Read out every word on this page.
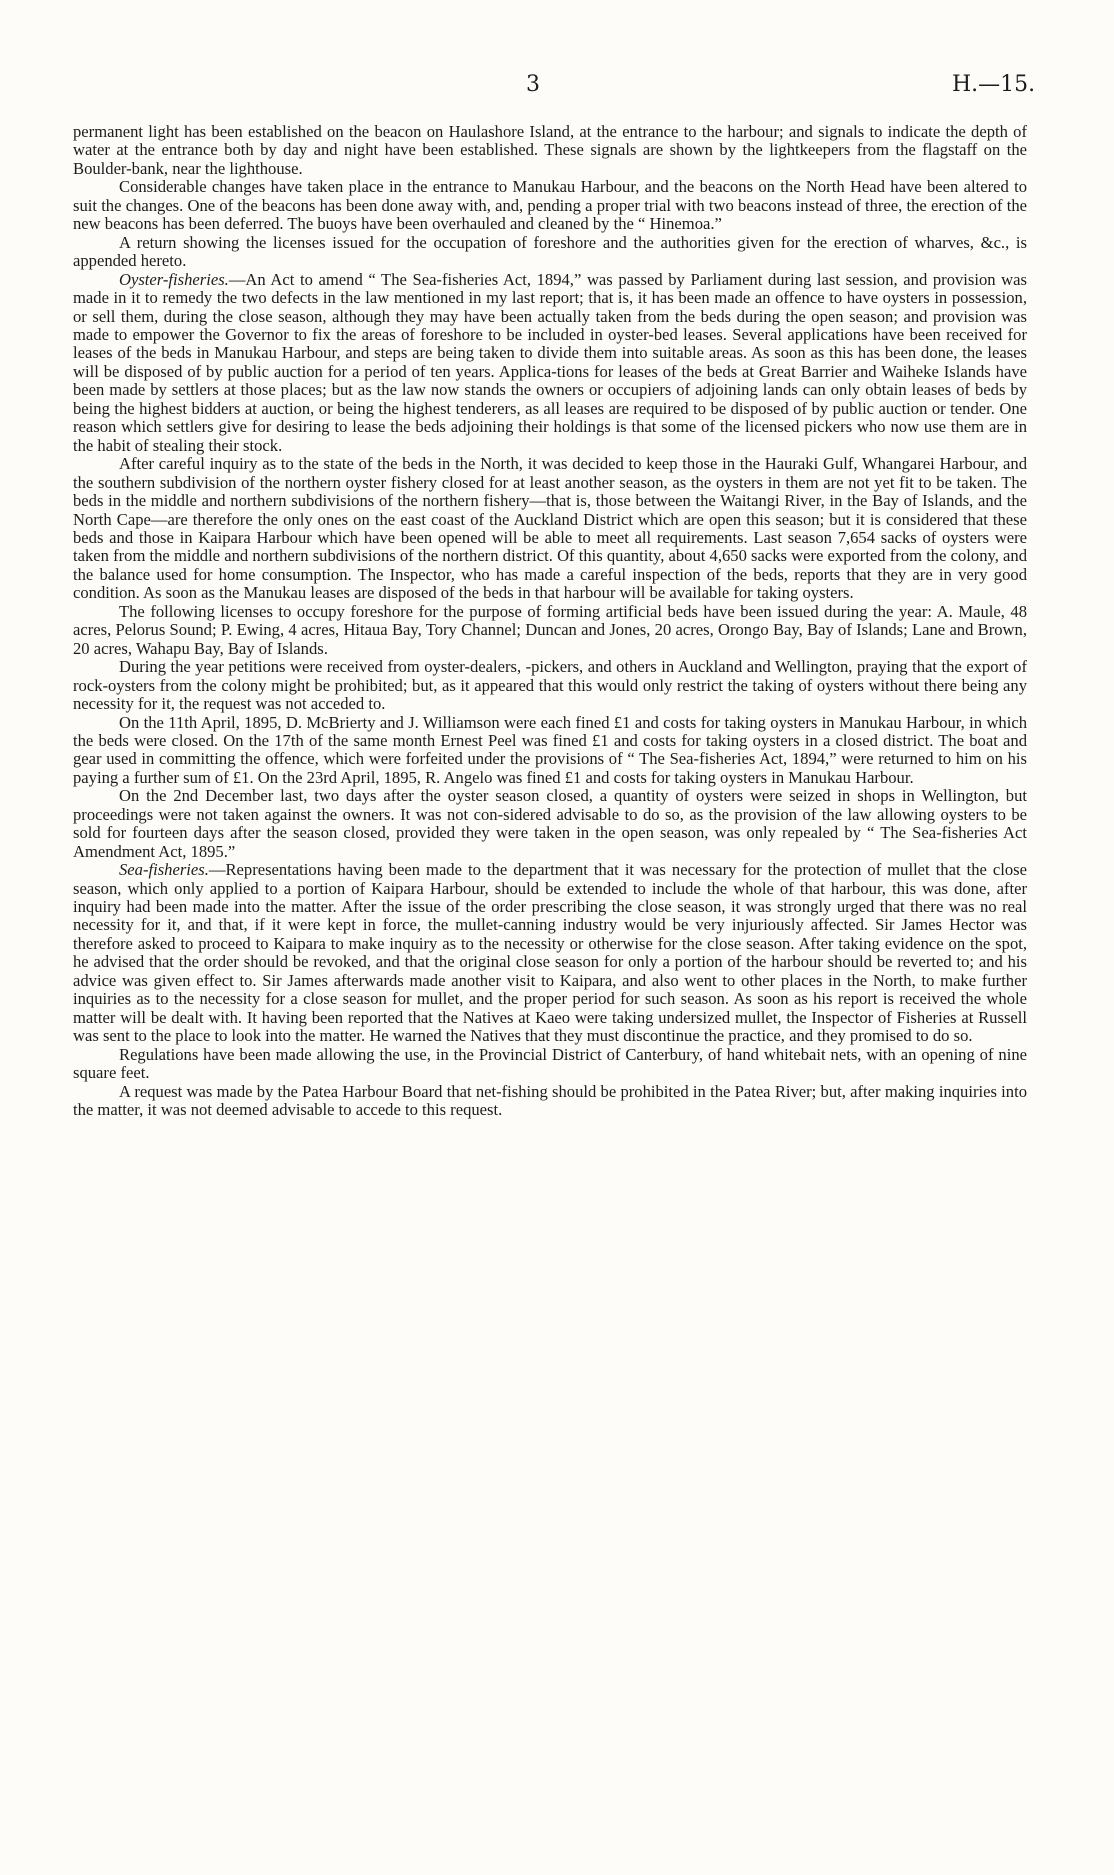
3	H.—15.

permanent light has been established on the beacon on Haulashore Island, at the entrance to the harbour; and signals to indicate the depth of water at the entrance both by day and night have been established. These signals are shown by the lightkeepers from the flagstaff on the Boulder-bank, near the lighthouse.

Considerable changes have taken place in the entrance to Manukau Harbour, and the beacons on the North Head have been altered to suit the changes. One of the beacons has been done away with, and, pending a proper trial with two beacons instead of three, the erection of the new beacons has been deferred. The buoys have been overhauled and cleaned by the “ Hinemoa.”

A return showing the licenses issued for the occupation of foreshore and the authorities given for the erection of wharves, &c., is appended hereto.

Oyster-fisheries.—An Act to amend “ The Sea-fisheries Act, 1894,” was passed by Parliament during last session, and provision was made in it to remedy the two defects in the law mentioned in my last report; that is, it has been made an offence to have oysters in possession, or sell them, during the close season, although they may have been actually taken from the beds during the open season; and provision was made to empower the Governor to fix the areas of foreshore to be included in oyster-bed leases. Several applications have been received for leases of the beds in Manukau Harbour, and steps are being taken to divide them into suitable areas. As soon as this has been done, the leases will be disposed of by public auction for a period of ten years. Applica-tions for leases of the beds at Great Barrier and Waiheke Islands have been made by settlers at those places; but as the law now stands the owners or occupiers of adjoining lands can only obtain leases of beds by being the highest bidders at auction, or being the highest tenderers, as all leases are required to be disposed of by public auction or tender. One reason which settlers give for desiring to lease the beds adjoining their holdings is that some of the licensed pickers who now use them are in the habit of stealing their stock.

After careful inquiry as to the state of the beds in the North, it was decided to keep those in the Hauraki Gulf, Whangarei Harbour, and the southern subdivision of the northern oyster fishery closed for at least another season, as the oysters in them are not yet fit to be taken. The beds in the middle and northern subdivisions of the northern fishery—that is, those between the Waitangi River, in the Bay of Islands, and the North Cape—are therefore the only ones on the east coast of the Auckland District which are open this season; but it is considered that these beds and those in Kaipara Harbour which have been opened will be able to meet all requirements. Last season 7,654 sacks of oysters were taken from the middle and northern subdivisions of the northern district. Of this quantity, about 4,650 sacks were exported from the colony, and the balance used for home consumption. The Inspector, who has made a careful inspection of the beds, reports that they are in very good condition. As soon as the Manukau leases are disposed of the beds in that harbour will be available for taking oysters.

The following licenses to occupy foreshore for the purpose of forming artificial beds have been issued during the year: A. Maule, 48 acres, Pelorus Sound; P. Ewing, 4 acres, Hitaua Bay, Tory Channel; Duncan and Jones, 20 acres, Orongo Bay, Bay of Islands; Lane and Brown, 20 acres, Wahapu Bay, Bay of Islands.

During the year petitions were received from oyster-dealers, -pickers, and others in Auckland and Wellington, praying that the export of rock-oysters from the colony might be prohibited; but, as it appeared that this would only restrict the taking of oysters without there being any necessity for it, the request was not acceded to.

On the 11th April, 1895, D. McBrierty and J. Williamson were each fined £1 and costs for taking oysters in Manukau Harbour, in which the beds were closed. On the 17th of the same month Ernest Peel was fined £1 and costs for taking oysters in a closed district. The boat and gear used in committing the offence, which were forfeited under the provisions of “ The Sea-fisheries Act, 1894,” were returned to him on his paying a further sum of £1. On the 23rd April, 1895, R. Angelo was fined £1 and costs for taking oysters in Manukau Harbour.

On the 2nd December last, two days after the oyster season closed, a quantity of oysters were seized in shops in Wellington, but proceedings were not taken against the owners. It was not con-sidered advisable to do so, as the provision of the law allowing oysters to be sold for fourteen days after the season closed, provided they were taken in the open season, was only repealed by “ The Sea-fisheries Act Amendment Act, 1895.”

Sea-fisheries.—Representations having been made to the department that it was necessary for the protection of mullet that the close season, which only applied to a portion of Kaipara Harbour, should be extended to include the whole of that harbour, this was done, after inquiry had been made into the matter. After the issue of the order prescribing the close season, it was strongly urged that there was no real necessity for it, and that, if it were kept in force, the mullet-canning industry would be very injuriously affected. Sir James Hector was therefore asked to proceed to Kaipara to make inquiry as to the necessity or otherwise for the close season. After taking evidence on the spot, he advised that the order should be revoked, and that the original close season for only a portion of the harbour should be reverted to; and his advice was given effect to. Sir James afterwards made another visit to Kaipara, and also went to other places in the North, to make further inquiries as to the necessity for a close season for mullet, and the proper period for such season. As soon as his report is received the whole matter will be dealt with. It having been reported that the Natives at Kaeo were taking undersized mullet, the Inspector of Fisheries at Russell was sent to the place to look into the matter. He warned the Natives that they must discontinue the practice, and they promised to do so.

Regulations have been made allowing the use, in the Provincial District of Canterbury, of hand whitebait nets, with an opening of nine square feet.

A request was made by the Patea Harbour Board that net-fishing should be prohibited in the Patea River; but, after making inquiries into the matter, it was not deemed advisable to accede to this request.
